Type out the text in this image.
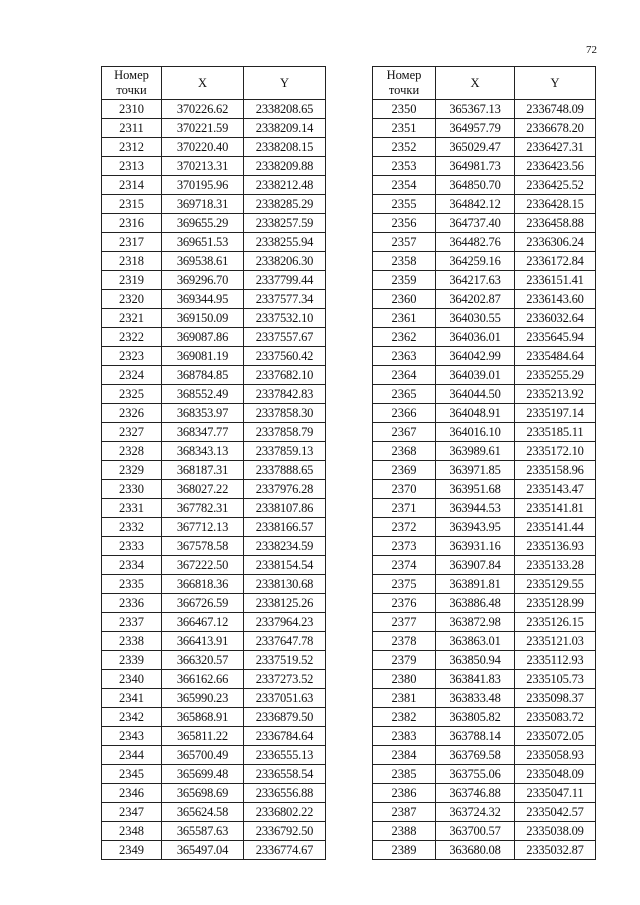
72
Номер точки	X	Y
2310	370226.62	2338208.65
2311	370221.59	2338209.14
2312	370220.40	2338208.15
2313	370213.31	2338209.88
2314	370195.96	2338212.48
2315	369718.31	2338285.29
2316	369655.29	2338257.59
2317	369651.53	2338255.94
2318	369538.61	2338206.30
2319	369296.70	2337799.44
2320	369344.95	2337577.34
2321	369150.09	2337532.10
2322	369087.86	2337557.67
2323	369081.19	2337560.42
2324	368784.85	2337682.10
2325	368552.49	2337842.83
2326	368353.97	2337858.30
2327	368347.77	2337858.79
2328	368343.13	2337859.13
2329	368187.31	2337888.65
2330	368027.22	2337976.28
2331	367782.31	2338107.86
2332	367712.13	2338166.57
2333	367578.58	2338234.59
2334	367222.50	2338154.54
2335	366818.36	2338130.68
2336	366726.59	2338125.26
2337	366467.12	2337964.23
2338	366413.91	2337647.78
2339	366320.57	2337519.52
2340	366162.66	2337273.52
2341	365990.23	2337051.63
2342	365868.91	2336879.50
2343	365811.22	2336784.64
2344	365700.49	2336555.13
2345	365699.48	2336558.54
2346	365698.69	2336556.88
2347	365624.58	2336802.22
2348	365587.63	2336792.50
2349	365497.04	2336774.67
Номер точки	X	Y
2350	365367.13	2336748.09
2351	364957.79	2336678.20
2352	365029.47	2336427.31
2353	364981.73	2336423.56
2354	364850.70	2336425.52
2355	364842.12	2336428.15
2356	364737.40	2336458.88
2357	364482.76	2336306.24
2358	364259.16	2336172.84
2359	364217.63	2336151.41
2360	364202.87	2336143.60
2361	364030.55	2336032.64
2362	364036.01	2335645.94
2363	364042.99	2335484.64
2364	364039.01	2335255.29
2365	364044.50	2335213.92
2366	364048.91	2335197.14
2367	364016.10	2335185.11
2368	363989.61	2335172.10
2369	363971.85	2335158.96
2370	363951.68	2335143.47
2371	363944.53	2335141.81
2372	363943.95	2335141.44
2373	363931.16	2335136.93
2374	363907.84	2335133.28
2375	363891.81	2335129.55
2376	363886.48	2335128.99
2377	363872.98	2335126.15
2378	363863.01	2335121.03
2379	363850.94	2335112.93
2380	363841.83	2335105.73
2381	363833.48	2335098.37
2382	363805.82	2335083.72
2383	363788.14	2335072.05
2384	363769.58	2335058.93
2385	363755.06	2335048.09
2386	363746.88	2335047.11
2387	363724.32	2335042.57
2388	363700.57	2335038.09
2389	363680.08	2335032.87
